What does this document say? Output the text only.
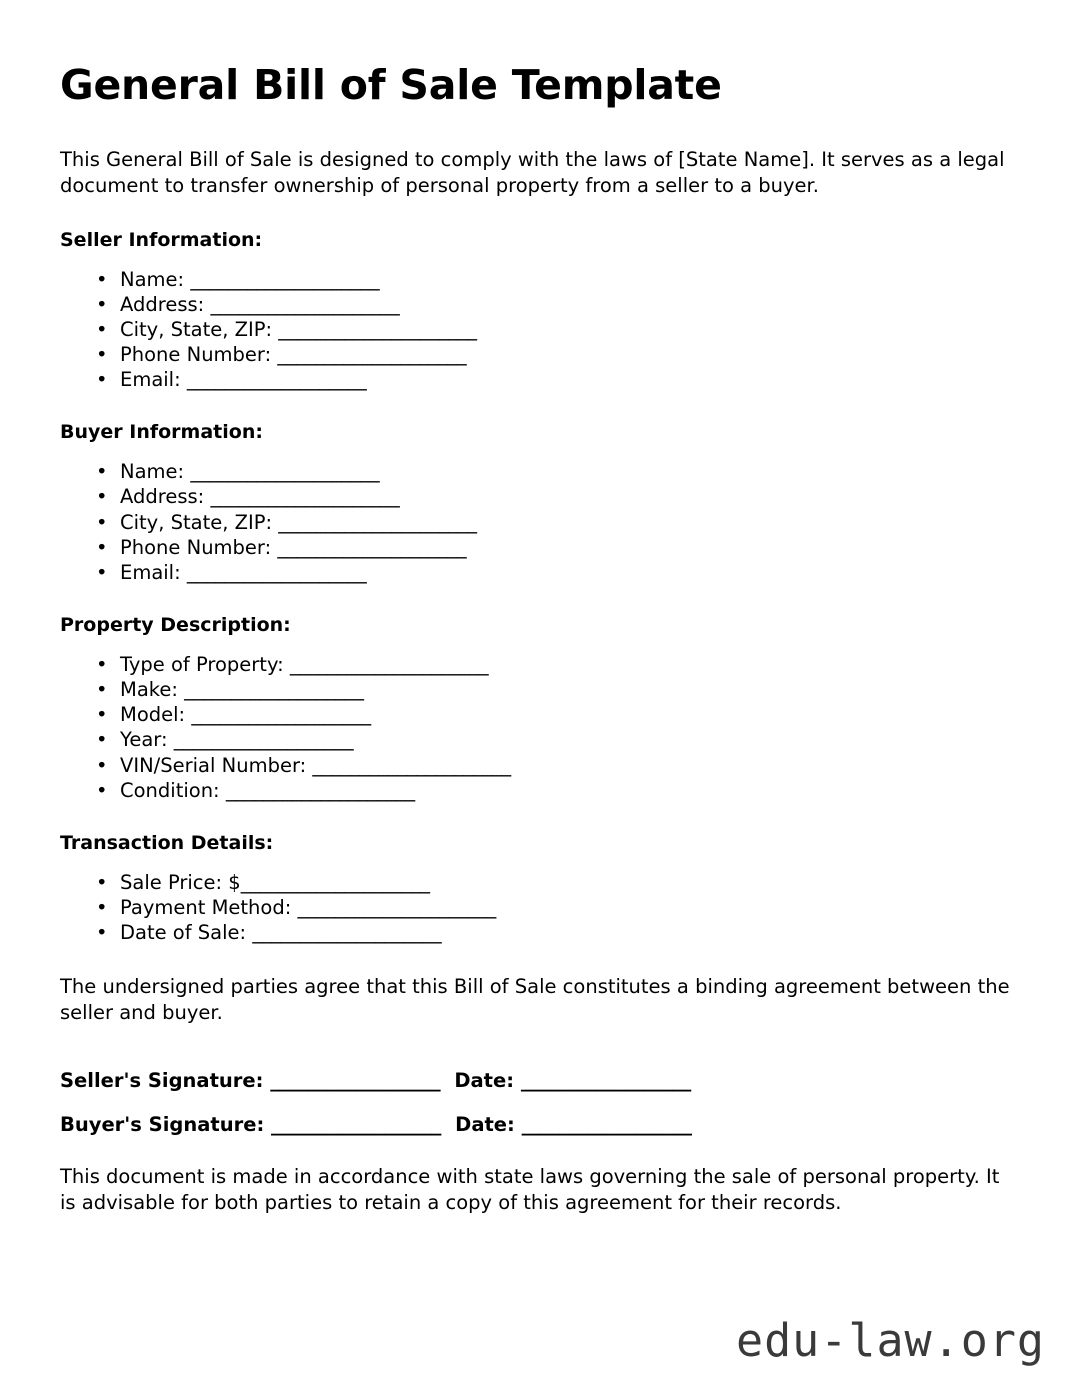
General Bill of Sale Template

This General Bill of Sale is designed to comply with the laws of [State Name]. It serves as a legal document to transfer ownership of personal property from a seller to a buyer.

Seller Information:
• Name: ____________________
• Address: ____________________
• City, State, ZIP: _____________________
• Phone Number: ____________________
• Email: ___________________
Buyer Information:
• Name: ____________________
• Address: ____________________
• City, State, ZIP: _____________________
• Phone Number: ____________________
• Email: ___________________
Property Description:
• Type of Property: _____________________
• Make: ___________________
• Model: ___________________
• Year: ___________________
• VIN/Serial Number: _____________________
• Condition: ____________________
Transaction Details:
• Sale Price: $____________________
• Payment Method: _____________________
• Date of Sale: ____________________

The undersigned parties agree that this Bill of Sale constitutes a binding agreement between the seller and buyer.

Seller's Signature: __________________ Date: __________________
Buyer's Signature: __________________ Date: __________________

This document is made in accordance with state laws governing the sale of personal property. It is advisable for both parties to retain a copy of this agreement for their records.

edu-law.org
